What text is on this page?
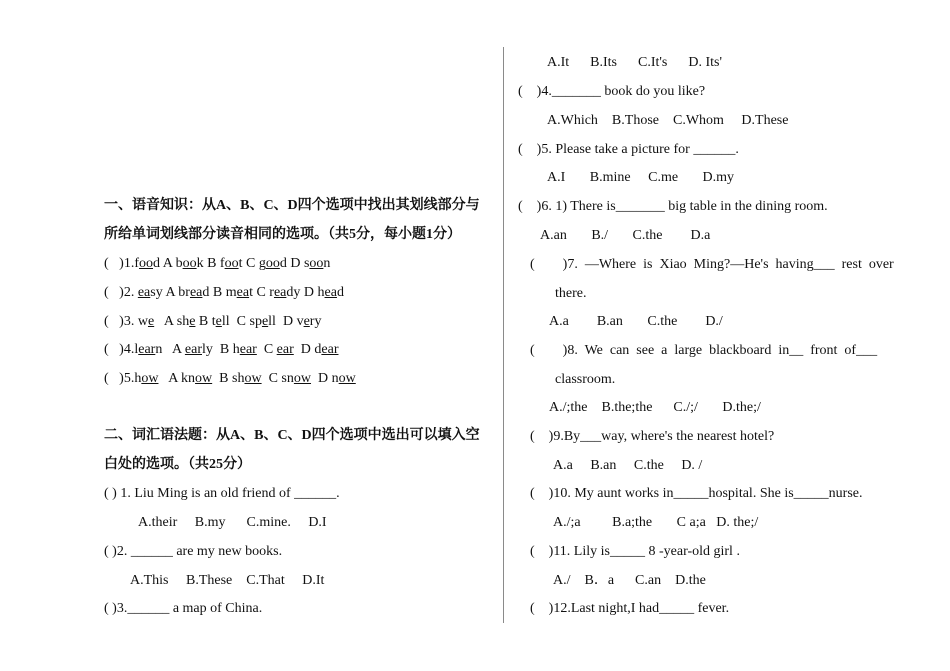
一、语音知识：从A、B、C、D四个选项中找出其划线部分与
所给单词划线部分读音相同的选项。（共5分，每小题1分）
(   )1.food A book B foot C good D soon
(   )2. easy A bread B meat C ready D head
(   )3. we   A she B tell  C spell  D very
(   )4.learn   A early  B hear  C ear  D dear
(   )5.how   A know  B show  C snow  D now
二、词汇语法题：从A、B、C、D四个选项中选出可以填入空
白处的选项。（共25分）
( ) 1. Liu Ming is an old friend of ______.
A.their     B.my      C.mine.     D.I
( )2. ______ are my new books.
A.This     B.These    C.That     D.It
( )3.______ a map of China.
A.It      B.Its      C.It's      D. Its'
(    )4._______ book do you like?
A.Which    B.Those    C.Whom     D.These
(    )5. Please take a picture for ______.
A.I       B.mine     C.me       D.my
(    )6. 1) There is_______ big table in the dining room.
A.an       B./       C.the        D.a
(        )7.  —Where  is  Xiao  Ming?—He's  having___  rest  over
there.
A.a        B.an       C.the        D./
(        )8.  We  can  see  a  large  blackboard  in__  front  of___
classroom.
A./;the    B.the;the      C./;/       D.the;/
(    )9.By___way, where's the nearest hotel?
A.a     B.an     C.the     D. /
(    )10. My aunt works in_____hospital. She is_____nurse.
A./;a         B.a;the       C a;a   D. the;/
(    )11. Lily is_____ 8 -year-old girl .
A./    B．a      C.an    D.the
(    )12.Last night,I had_____ fever.
